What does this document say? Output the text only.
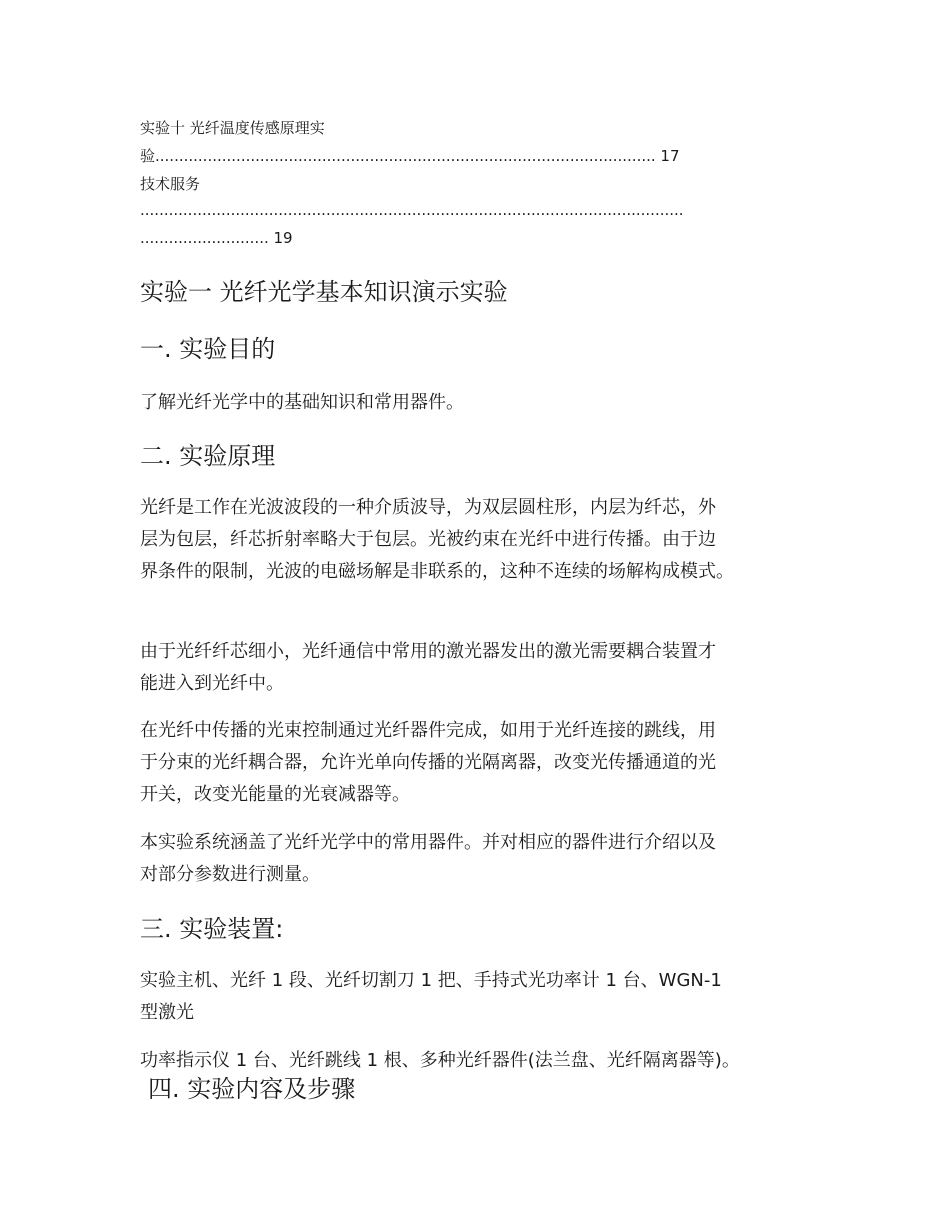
实验十 光纤温度传感原理实
验......................................................................................................... 17
技术服务
..................................................................................................................
........................... 19
实验一 光纤光学基本知识演示实验
一. 实验目的
了解光纤光学中的基础知识和常用器件。
二. 实验原理
光纤是工作在光波波段的一种介质波导，为双层圆柱形，内层为纤芯，外
层为包层，纤芯折射率略大于包层。光被约束在光纤中进行传播。由于边
界条件的限制，光波的电磁场解是非联系的，这种不连续的场解构成模式。
由于光纤纤芯细小，光纤通信中常用的激光器发出的激光需要耦合装置才
能进入到光纤中。
在光纤中传播的光束控制通过光纤器件完成，如用于光纤连接的跳线，用
于分束的光纤耦合器，允许光单向传播的光隔离器，改变光传播通道的光
开关，改变光能量的光衰减器等。
本实验系统涵盖了光纤光学中的常用器件。并对相应的器件进行介绍以及
对部分参数进行测量。
三. 实验装置:
实验主机、光纤 1 段、光纤切割刀 1 把、手持式光功率计 1 台、WGN-1
型激光
功率指示仪 1 台、光纤跳线 1 根、多种光纤器件(法兰盘、光纤隔离器等)。
四. 实验内容及步骤
